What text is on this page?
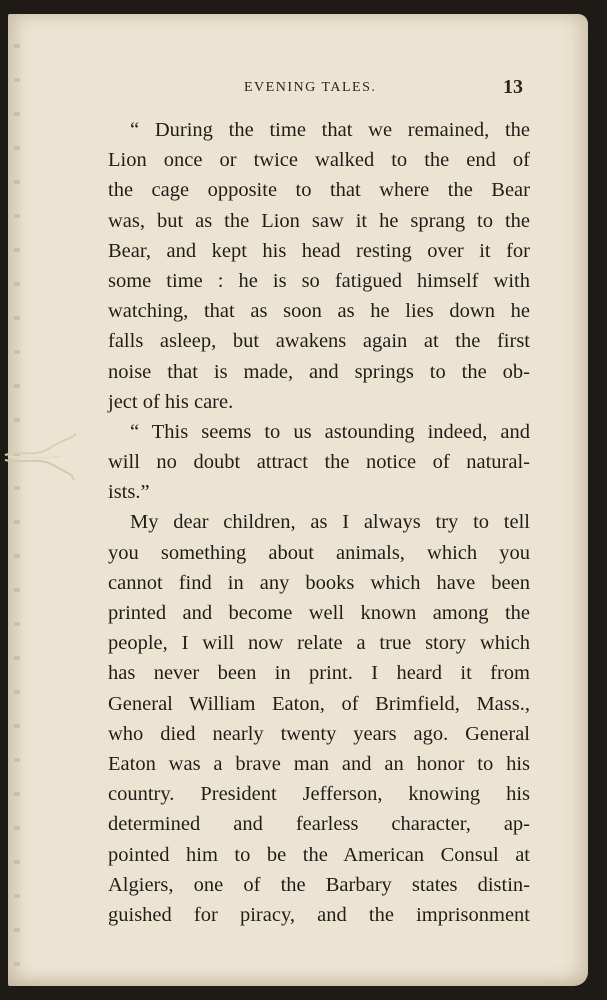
EVENING TALES.	13
“ During the time that we remained, the
Lion once or twice walked to the end of
the cage opposite to that where the Bear
was, but as the Lion saw it he sprang to the
Bear, and kept his head resting over it for
some time : he is so fatigued himself with
watching, that as soon as he lies down he
falls asleep, but awakens again at the first
noise that is made, and springs to the ob-
ject of his care.
“ This seems to us astounding indeed, and
will no doubt attract the notice of natural-
ists.”
My dear children, as I always try to tell
you something about animals, which you
cannot find in any books which have been
printed and become well known among the
people, I will now relate a true story which
has never been in print. I heard it from
General William Eaton, of Brimfield, Mass.,
who died nearly twenty years ago. General
Eaton was a brave man and an honor to his
country. President Jefferson, knowing his
determined and fearless character, ap-
pointed him to be the American Consul at
Algiers, one of the Barbary states distin-
guished for piracy, and the imprisonment
